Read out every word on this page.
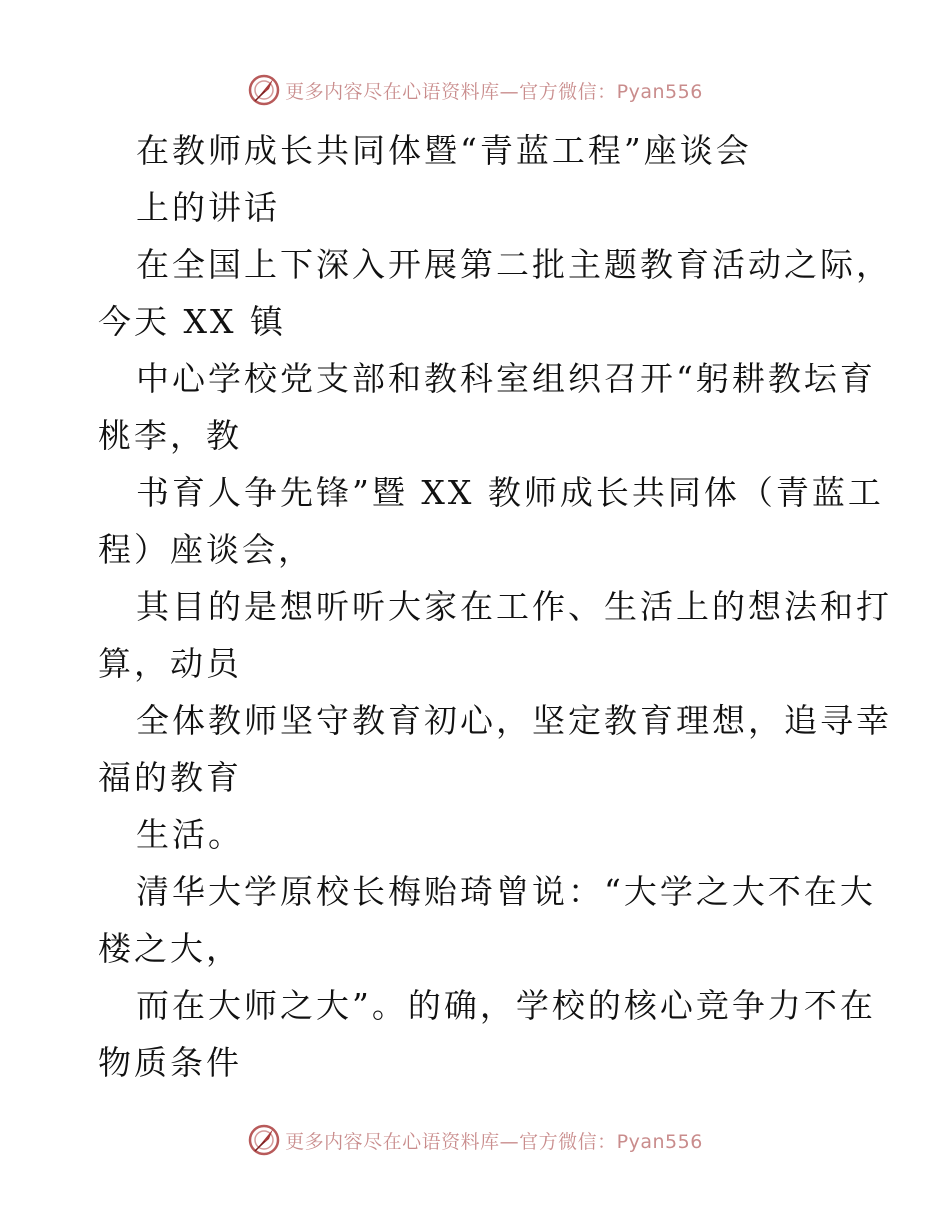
更多内容尽在心语资料库—官方微信：Pyan556
在教师成长共同体暨“青蓝工程”座谈会
上的讲话
在全国上下深入开展第二批主题教育活动之际，
今天 XX 镇
中心学校党支部和教科室组织召开“躬耕教坛育
桃李，教
书育人争先锋”暨 XX 教师成长共同体（青蓝工
程）座谈会，
其目的是想听听大家在工作、生活上的想法和打
算，动员
全体教师坚守教育初心，坚定教育理想，追寻幸
福的教育
生活。
清华大学原校长梅贻琦曾说：“大学之大不在大
楼之大，
而在大师之大”。的确，学校的核心竞争力不在
物质条件
更多内容尽在心语资料库—官方微信：Pyan556
